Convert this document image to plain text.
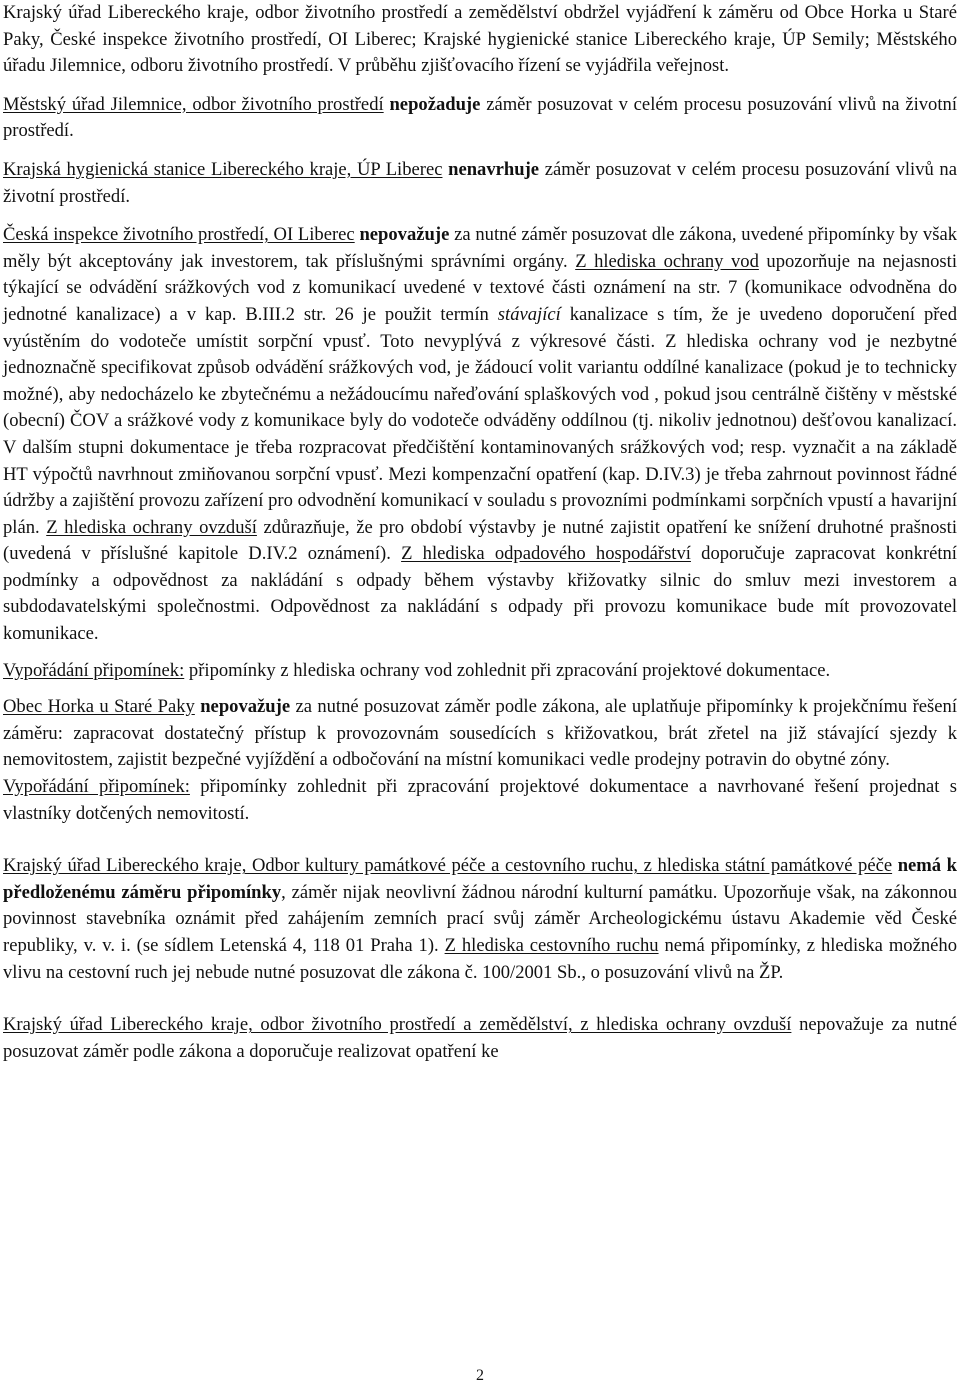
Krajský úřad Libereckého kraje, odbor životního prostředí a zemědělství obdržel vyjádření k záměru od Obce Horka u Staré Paky, České inspekce životního prostředí, OI Liberec; Krajské hygienické stanice Libereckého kraje, ÚP Semily; Městského úřadu Jilemnice, odboru životního prostředí. V průběhu zjišťovacího řízení se vyjádřila veřejnost.

Městský úřad Jilemnice, odbor životního prostředí nepožaduje záměr posuzovat v celém procesu posuzování vlivů na životní prostředí.

Krajská hygienická stanice Libereckého kraje, ÚP Liberec nenavrhuje záměr posuzovat v celém procesu posuzování vlivů na životní prostředí.

Česká inspekce životního prostředí, OI Liberec nepovažuje za nutné záměr posuzovat dle zákona, uvedené připomínky by však měly být akceptovány jak investorem, tak příslušnými správními orgány. Z hlediska ochrany vod upozorňuje na nejasnosti týkající se odvádění srážkových vod z komunikací uvedené v textové části oznámení na str. 7 (komunikace odvodněna do jednotné kanalizace) a v kap. B.III.2 str. 26 je použit termín stávající kanalizace s tím, že je uvedeno doporučení před vyústěním do vodoteče umístit sorpční vpusť. Toto nevyplývá z výkresové části. Z hlediska ochrany vod je nezbytné jednoznačně specifikovat způsob odvádění srážkových vod, je žádoucí volit variantu oddílné kanalizace (pokud je to technicky možné), aby nedocházelo ke zbytečnému a nežádoucímu nařeďování splaškových vod , pokud jsou centrálně čištěny v městské (obecní) ČOV a srážkové vody z komunikace byly do vodoteče odváděny oddílnou (tj. nikoliv jednotnou) dešťovou kanalizací. V dalším stupni dokumentace je třeba rozpracovat předčištění kontaminovaných srážkových vod; resp. vyznačit a na základě HT výpočtů navrhnout zmiňovanou sorpční vpusť. Mezi kompenzační opatření (kap. D.IV.3) je třeba zahrnout povinnost řádné údržby a zajištění provozu zařízení pro odvodnění komunikací v souladu s provozními podmínkami sorpčních vpustí a havarijní plán. Z hlediska ochrany ovzduší zdůrazňuje, že pro období výstavby je nutné zajistit opatření ke snížení druhotné prašnosti (uvedená v příslušné kapitole D.IV.2 oznámení). Z hlediska odpadového hospodářství doporučuje zapracovat konkrétní podmínky a odpovědnost za nakládání s odpady během výstavby křižovatky silnic do smluv mezi investorem a subdodavatelskými společnostmi. Odpovědnost za nakládání s odpady při provozu komunikace bude mít provozovatel komunikace.

Vypořádání připomínek: připomínky z hlediska ochrany vod zohlednit při zpracování projektové dokumentace.

Obec Horka u Staré Paky nepovažuje za nutné posuzovat záměr podle zákona, ale uplatňuje připomínky k projekčnímu řešení záměru: zapracovat dostatečný přístup k provozovnám sousedících s křižovatkou, brát zřetel na již stávající sjezdy k nemovitostem, zajistit bezpečné vyjíždění a odbočování na místní komunikaci vedle prodejny potravin do obytné zóny.

Vypořádání připomínek: připomínky zohlednit při zpracování projektové dokumentace a navrhované řešení projednat s vlastníky dotčených nemovitostí.

Krajský úřad Libereckého kraje, Odbor kultury památkové péče a cestovního ruchu, z hlediska státní památkové péče nemá k předloženému záměru připomínky, záměr nijak neovlivní žádnou národní kulturní památku. Upozorňuje však, na zákonnou povinnost stavebníka oznámit před zahájením zemních prací svůj záměr Archeologickému ústavu Akademie věd České republiky, v. v. i. (se sídlem Letenská 4, 118 01 Praha 1). Z hlediska cestovního ruchu nemá připomínky, z hlediska možného vlivu na cestovní ruch jej nebude nutné posuzovat dle zákona č. 100/2001 Sb., o posuzování vlivů na ŽP.

Krajský úřad Libereckého kraje, odbor životního prostředí a zemědělství, z hlediska ochrany ovzduší nepovažuje za nutné posuzovat záměr podle zákona a doporučuje realizovat opatření ke

2
